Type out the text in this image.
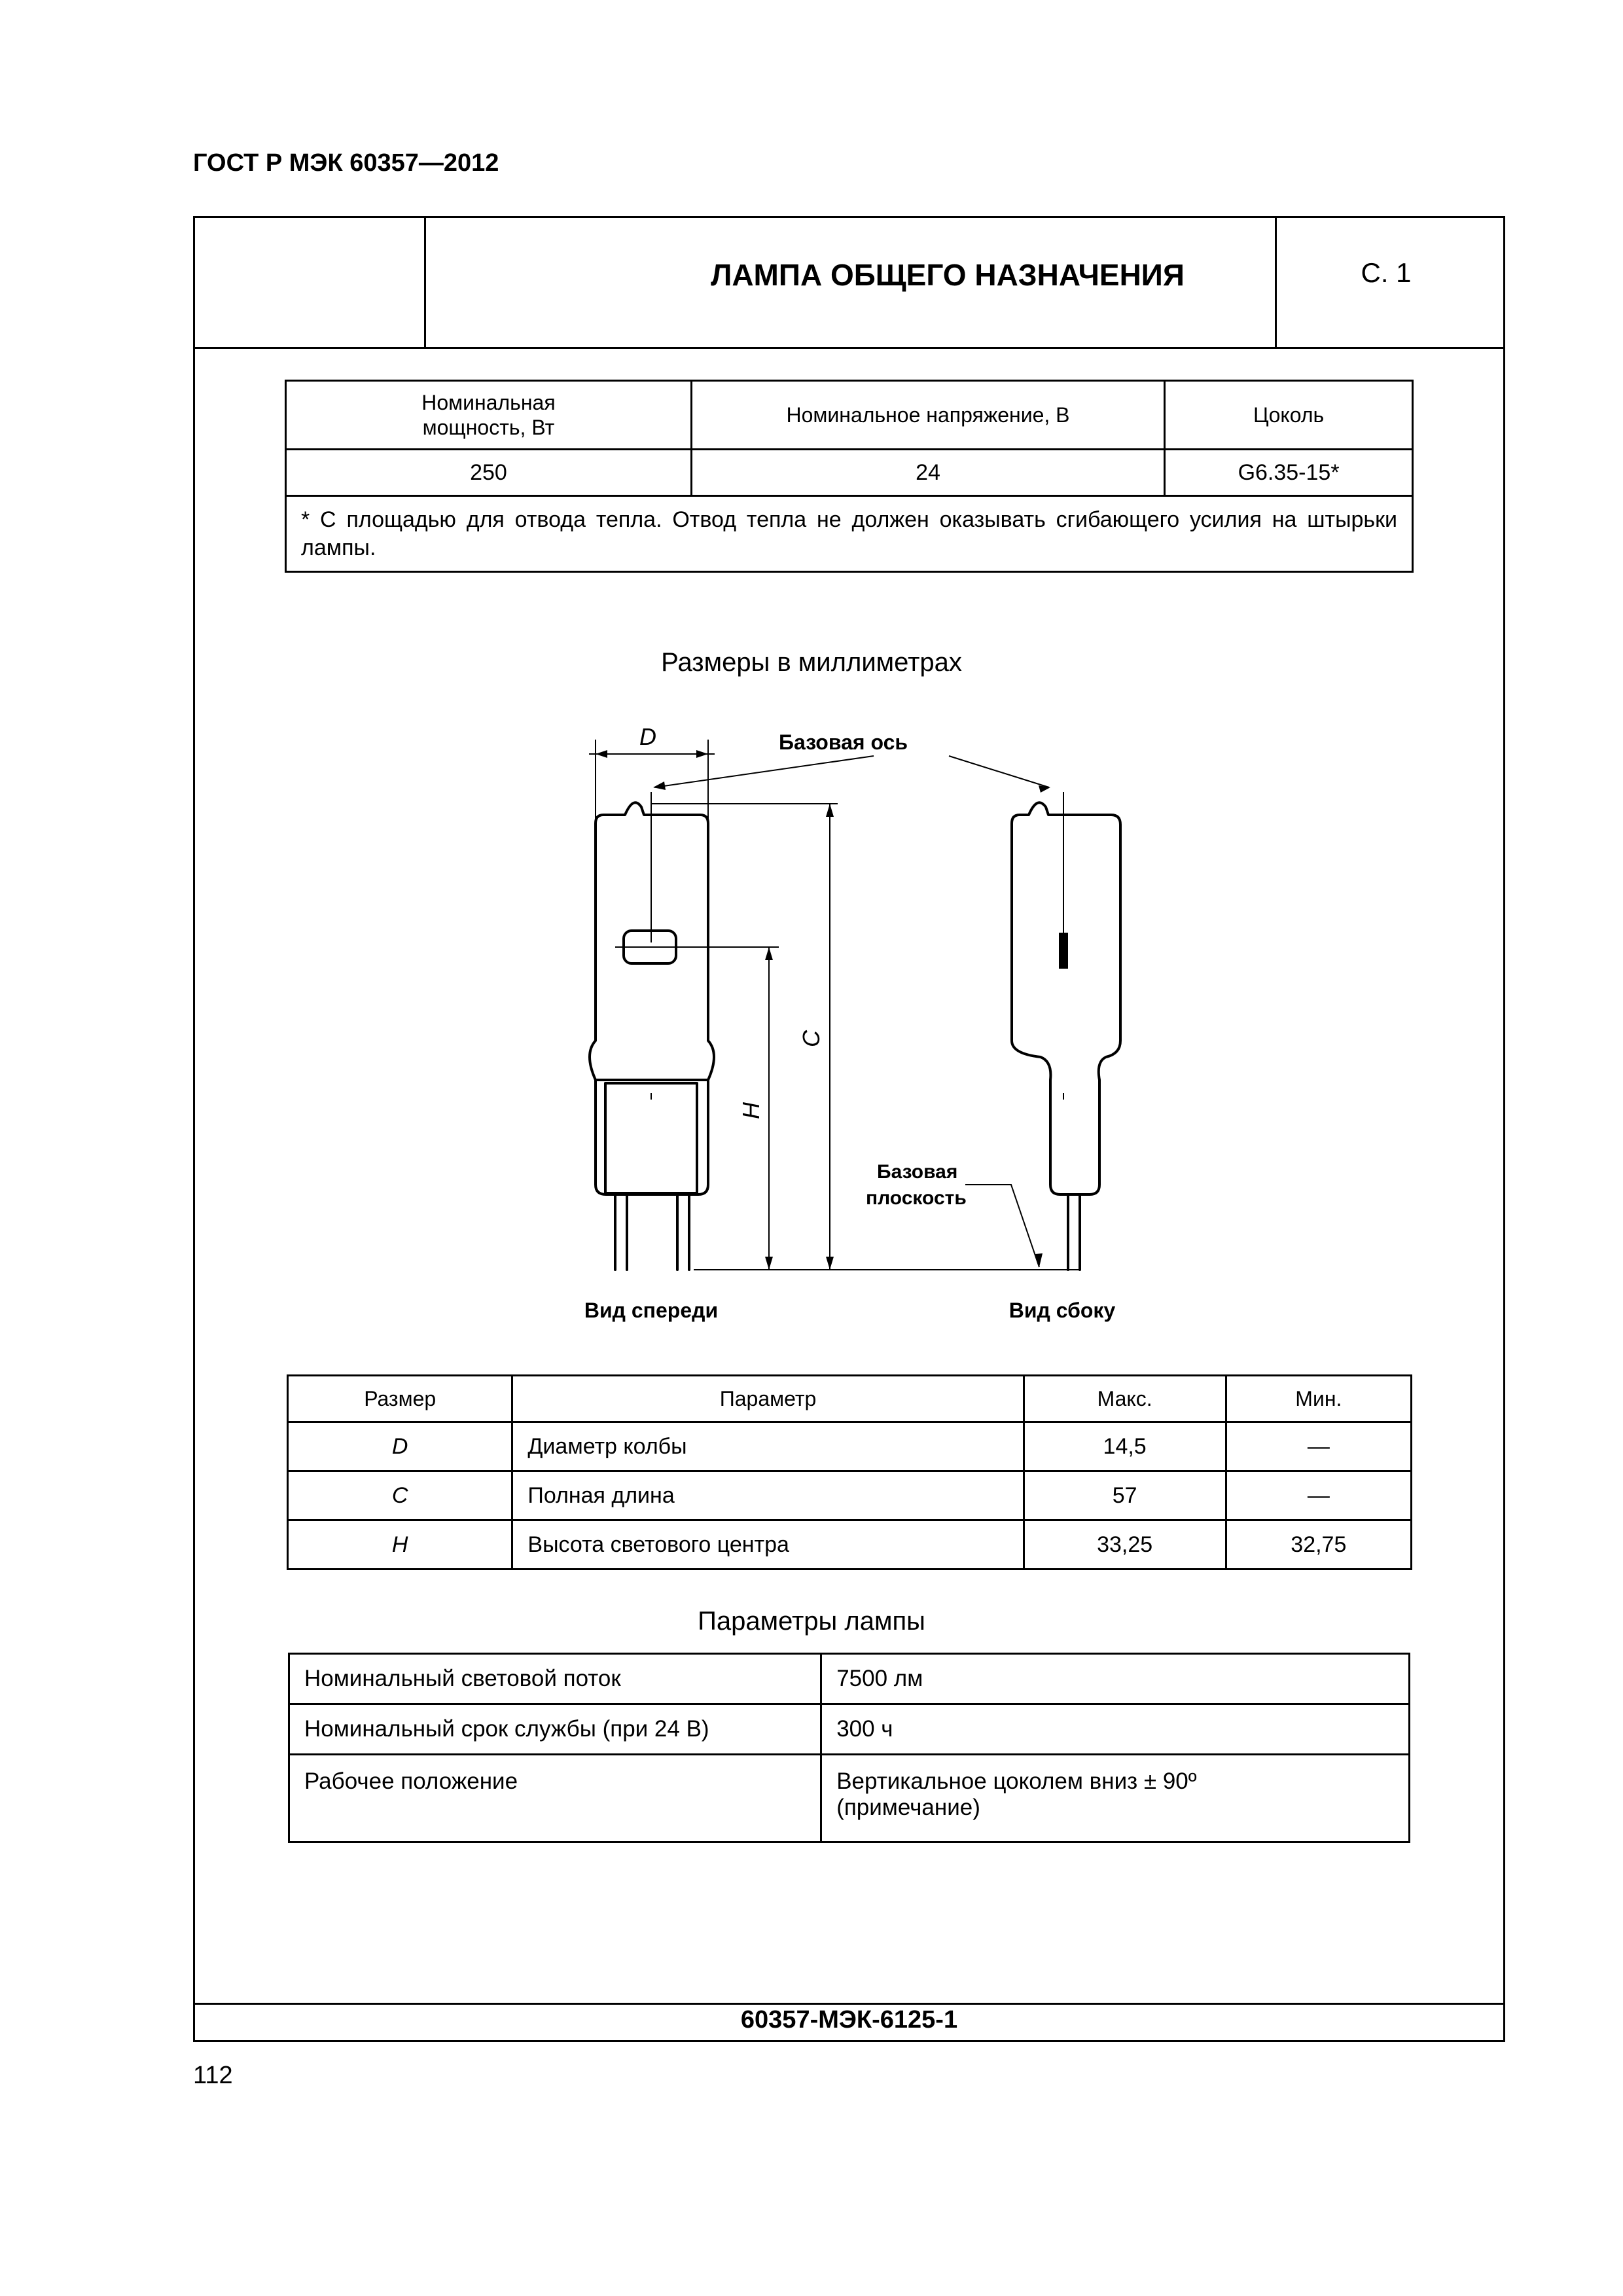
ГОСТ Р МЭК 60357—2012
ЛАМПА ОБЩЕГО НАЗНАЧЕНИЯ	С. 1
60357-МЭК-6125-1
Номинальная мощность, Вт	Номинальное напряжение, В	Цоколь
250	24	G6.35-15*
* С площадью для отвода тепла. Отвод тепла не должен оказывать сгибающего усилия на штырьки лампы.		
Размеры в миллиметрах
D
C
H
Базовая ось
Базовая
плоскость
Вид спереди	Вид сбоку
Размер	Параметр	Макс.	Мин.
D	Диаметр колбы	14,5	—
C	Полная длина	57	—
H	Высота светового центра	33,25	32,75
Параметры лампы
Номинальный световой поток	7500 лм
Номинальный срок службы (при 24 В)	300 ч
Рабочее положение	Вертикальное цоколем вниз ± 90º (примечание)
112
